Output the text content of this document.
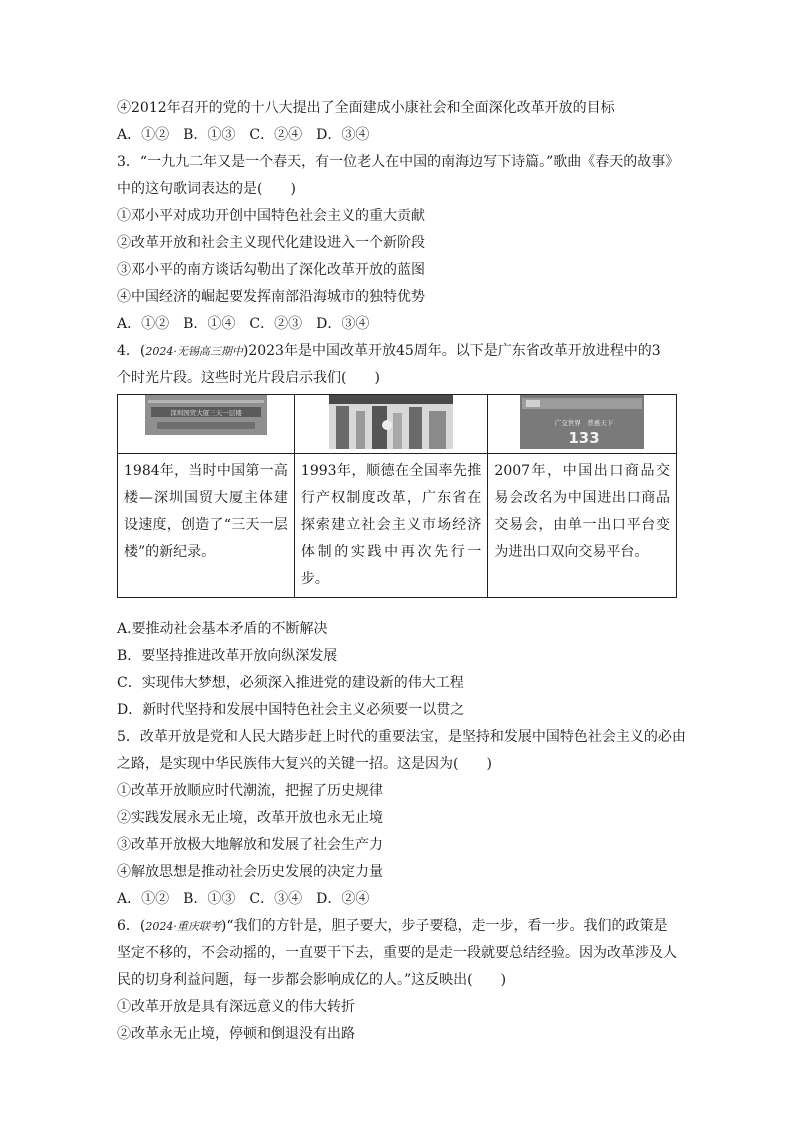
④2012年召开的党的十八大提出了全面建成小康社会和全面深化改革开放的目标
A．①②　B．①③　C．②④　D．③④
3．“一九九二年又是一个春天，有一位老人在中国的南海边写下诗篇。”歌曲《春天的故事》
中的这句歌词表达的是(　　)
①邓小平对成功开创中国特色社会主义的重大贡献
②改革开放和社会主义现代化建设进入一个新阶段
③邓小平的南方谈话勾勒出了深化改革开放的蓝图
④中国经济的崛起要发挥南部沿海城市的独特优势
A．①②　B．①④　C．②③　D．③④
4．(2024·无锡高三期中)2023年是中国改革开放45周年。以下是广东省改革开放进程中的3
个时光片段。这些时光片段启示我们(　　)
深圳国贸大厦三天一层楼		广交世界　普惠天下
133

1984年，当时中国第一高楼—深圳国贸大厦主体建设速度，创造了“三天一层楼”的新纪录。	1993年，顺德在全国率先推行产权制度改革，广东省在探索建立社会主义市场经济体制的实践中再次先行一步。	2007年，中国出口商品交易会改名为中国进出口商品交易会，由单一出口平台变为进出口双向交易平台。
A.要推动社会基本矛盾的不断解决
B．要坚持推进改革开放向纵深发展
C．实现伟大梦想，必须深入推进党的建设新的伟大工程
D．新时代坚持和发展中国特色社会主义必须要一以贯之
5．改革开放是党和人民大踏步赶上时代的重要法宝，是坚持和发展中国特色社会主义的必由
之路，是实现中华民族伟大复兴的关键一招。这是因为(　　)
①改革开放顺应时代潮流，把握了历史规律
②实践发展永无止境，改革开放也永无止境
③改革开放极大地解放和发展了社会生产力
④解放思想是推动社会历史发展的决定力量
A．①②　B．①③　C．③④　D．②④
6．(2024·重庆联考)“我们的方针是，胆子要大，步子要稳，走一步，看一步。我们的政策是
坚定不移的，不会动摇的，一直要干下去，重要的是走一段就要总结经验。因为改革涉及人
民的切身利益问题，每一步都会影响成亿的人。”这反映出(　　)
①改革开放是具有深远意义的伟大转折
②改革永无止境，停顿和倒退没有出路
